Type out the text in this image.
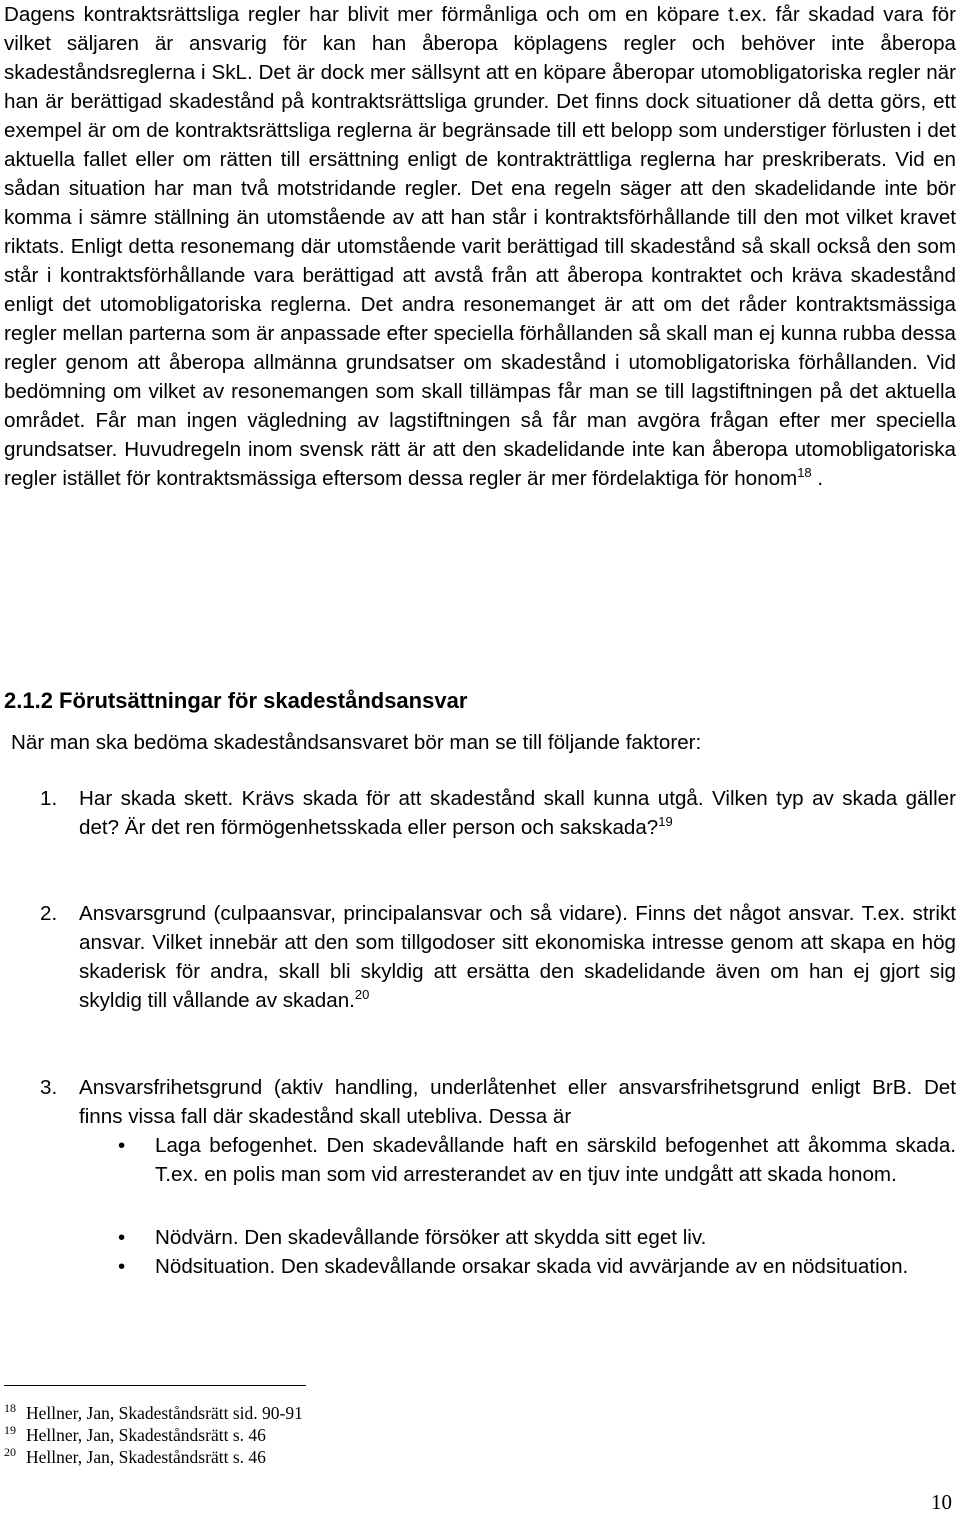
Dagens kontraktsrättsliga regler har blivit mer förmånliga och om en köpare t.ex. får skadad vara för vilket säljaren är ansvarig för kan han åberopa köplagens regler och behöver inte åberopa skadeståndsreglerna i SkL. Det är dock mer sällsynt att en köpare åberopar utomobligatoriska regler när han är berättigad skadestånd på kontraktsrättsliga grunder. Det finns dock situationer då detta görs, ett exempel är om de kontraktsrättsliga reglerna är begränsade till ett belopp som understiger förlusten i det aktuella fallet eller om rätten till ersättning enligt de kontrakträttliga reglerna har preskriberats. Vid en sådan situation har man två motstridande regler. Det ena regeln säger att den skadelidande inte bör komma i sämre ställning än utomstående av att han står i kontraktsförhållande till den mot vilket kravet riktats. Enligt detta resonemang där utomstående varit berättigad till skadestånd så skall också den som står i kontraktsförhållande vara berättigad att avstå från att åberopa kontraktet och kräva skadestånd enligt det utomobligatoriska reglerna. Det andra resonemanget är att om det råder kontraktsmässiga regler mellan parterna som är anpassade efter speciella förhållanden så skall man ej kunna rubba dessa regler genom att åberopa allmänna grundsatser om skadestånd i utomobligatoriska förhållanden. Vid bedömning om vilket av resonemangen som skall tillämpas får man se till lagstiftningen på det aktuella området. Får man ingen vägledning av lagstiftningen så får man avgöra frågan efter mer speciella grundsatser. Huvudregeln inom svensk rätt är att den skadelidande inte kan åberopa utomobligatoriska regler istället för kontraktsmässiga eftersom dessa regler är mer fördelaktiga för honom$^{18}$ .

2.1.2 Förutsättningar för skadeståndsansvar
När man ska bedöma skadeståndsansvaret bör man se till följande faktorer:
1.	Har skada skett. Krävs skada för att skadestånd skall kunna utgå. Vilken typ av skada gäller det? Är det ren förmögenhetsskada eller person och sakskada?$^{19}$
2.	Ansvarsgrund (culpaansvar, principalansvar och så vidare). Finns det något ansvar. T.ex. strikt ansvar. Vilket innebär att den som tillgodoser sitt ekonomiska intresse genom att skapa en hög skaderisk för andra, skall bli skyldig att ersätta den skadelidande även om han ej gjort sig skyldig till vållande av skadan.$^{20}$
3.	Ansvarsfrihetsgrund (aktiv handling, underlåtenhet eller ansvarsfrihetsgrund enligt BrB. Det finns vissa fall där skadestånd skall utebliva. Dessa är
•	Laga befogenhet. Den skadevållande haft en särskild befogenhet att åkomma skada. T.ex. en polis man som vid arresterandet av en tjuv inte undgått att skada honom.
•	Nödvärn. Den skadevållande försöker att skydda sitt eget liv.
•	Nödsituation. Den skadevållande orsakar skada vid avvärjande av en nödsituation.
18 Hellner, Jan, Skadeståndsrätt sid. 90-91
19 Hellner, Jan, Skadeståndsrätt s. 46
20 Hellner, Jan, Skadeståndsrätt s. 46
10
